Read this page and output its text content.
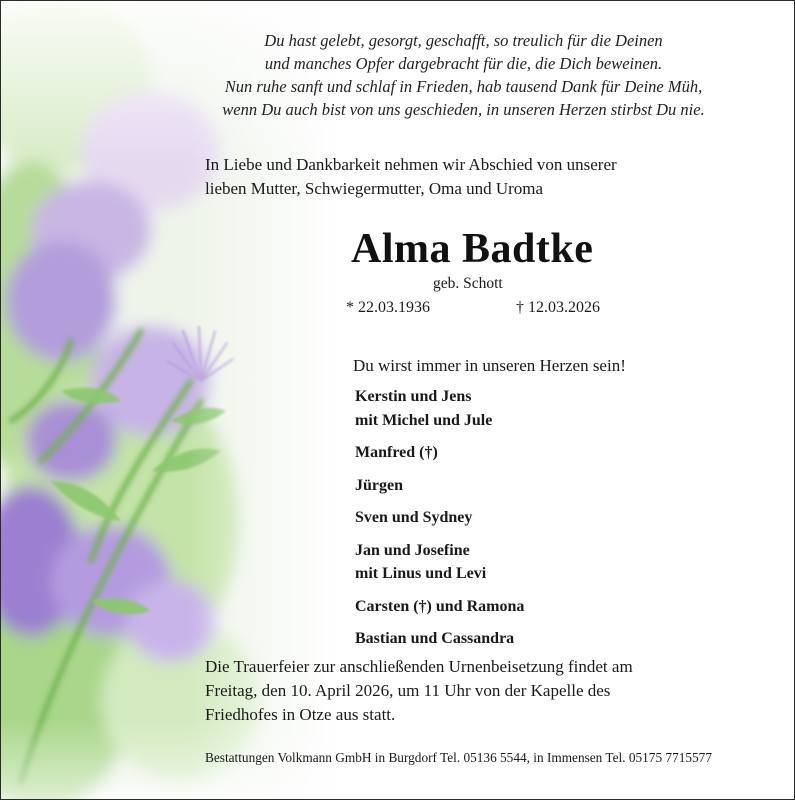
Du hast gelebt, gesorgt, geschafft, so treulich für die Deinen
und manches Opfer dargebracht für die, die Dich beweinen.
Nun ruhe sanft und schlaf in Frieden, hab tausend Dank für Deine Müh,
wenn Du auch bist von uns geschieden, in unseren Herzen stirbst Du nie.
In Liebe und Dankbarkeit nehmen wir Abschied von unserer
lieben Mutter, Schwiegermutter, Oma und Uroma
Alma Badtke
geb. Schott
* 22.03.1936	† 12.03.2026
Du wirst immer in unseren Herzen sein!
Kerstin und Jens
mit Michel und Jule
Manfred (†)
Jürgen
Sven und Sydney
Jan und Josefine
mit Linus und Levi
Carsten (†) und Ramona
Bastian und Cassandra
Die Trauerfeier zur anschließenden Urnenbeisetzung findet am
Freitag, den 10. April 2026, um 11 Uhr von der Kapelle des
Friedhofes in Otze aus statt.
Bestattungen Volkmann GmbH in Burgdorf Tel. 05136 5544, in Immensen Tel. 05175 7715577
